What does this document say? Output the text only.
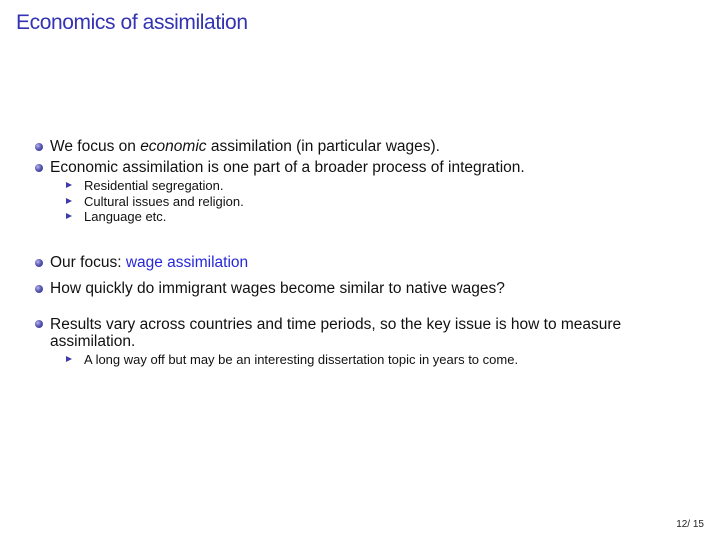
Economics of assimilation
We focus on economic assimilation (in particular wages).
Economic assimilation is one part of a broader process of integration.
Residential segregation.
Cultural issues and religion.
Language etc.
Our focus: wage assimilation
How quickly do immigrant wages become similar to native wages?
Results vary across countries and time periods, so the key issue is how to measure assimilation.
A long way off but may be an interesting dissertation topic in years to come.
12/ 15
